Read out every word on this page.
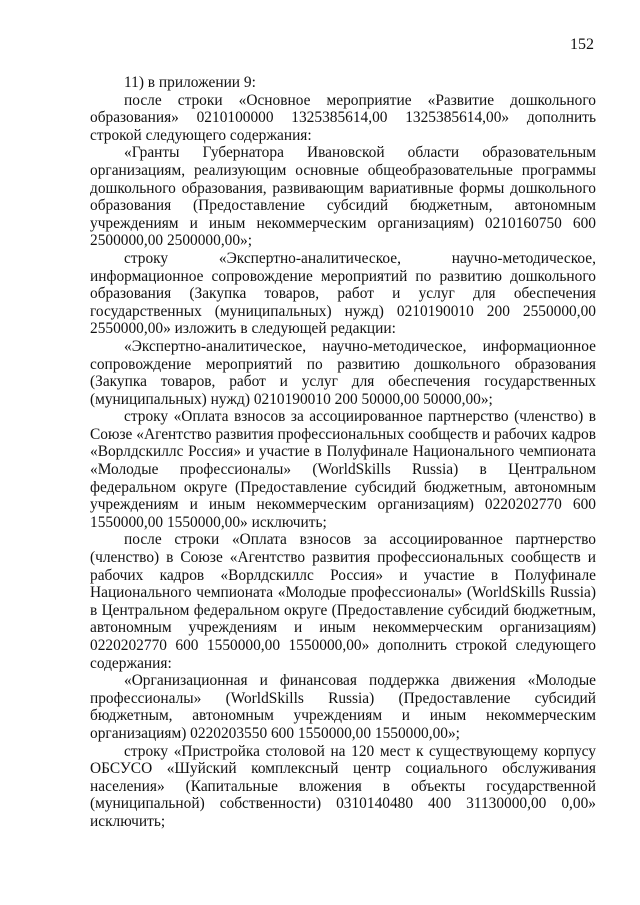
152

11) в приложении 9:

после строки «Основное мероприятие «Развитие дошкольного образования» 0210100000 1325385614,00 1325385614,00» дополнить строкой следующего содержания:

«Гранты Губернатора Ивановской области образовательным организациям, реализующим основные общеобразовательные программы дошкольного образования, развивающим вариативные формы дошкольного образования (Предоставление субсидий бюджетным, автономным учреждениям и иным некоммерческим организациям) 0210160750 600 2500000,00 2500000,00»;

строку «Экспертно-аналитическое, научно-методическое, информационное сопровождение мероприятий по развитию дошкольного образования (Закупка товаров, работ и услуг для обеспечения государственных (муниципальных) нужд) 0210190010 200 2550000,00 2550000,00» изложить в следующей редакции:

«Экспертно-аналитическое, научно-методическое, информационное сопровождение мероприятий по развитию дошкольного образования (Закупка товаров, работ и услуг для обеспечения государственных (муниципальных) нужд) 0210190010 200 50000,00 50000,00»;

строку «Оплата взносов за ассоциированное партнерство (членство) в Союзе «Агентство развития профессиональных сообществ и рабочих кадров «Ворлдскиллс Россия» и участие в Полуфинале Национального чемпионата «Молодые профессионалы» (WorldSkills Russia) в Центральном федеральном округе (Предоставление субсидий бюджетным, автономным учреждениям и иным некоммерческим организациям) 0220202770 600 1550000,00 1550000,00» исключить;

после строки «Оплата взносов за ассоциированное партнерство (членство) в Союзе «Агентство развития профессиональных сообществ и рабочих кадров «Ворлдскиллс Россия» и участие в Полуфинале Национального чемпионата «Молодые профессионалы» (WorldSkills Russia) в Центральном федеральном округе (Предоставление субсидий бюджетным, автономным учреждениям и иным некоммерческим организациям) 0220202770 600 1550000,00 1550000,00» дополнить строкой следующего содержания:

«Организационная и финансовая поддержка движения «Молодые профессионалы» (WorldSkills Russia) (Предоставление субсидий бюджетным, автономным учреждениям и иным некоммерческим организациям) 0220203550 600 1550000,00 1550000,00»;

строку «Пристройка столовой на 120 мест к существующему корпусу ОБСУСО «Шуйский комплексный центр социального обслуживания населения» (Капитальные вложения в объекты государственной (муниципальной) собственности) 0310140480 400 31130000,00 0,00» исключить;
